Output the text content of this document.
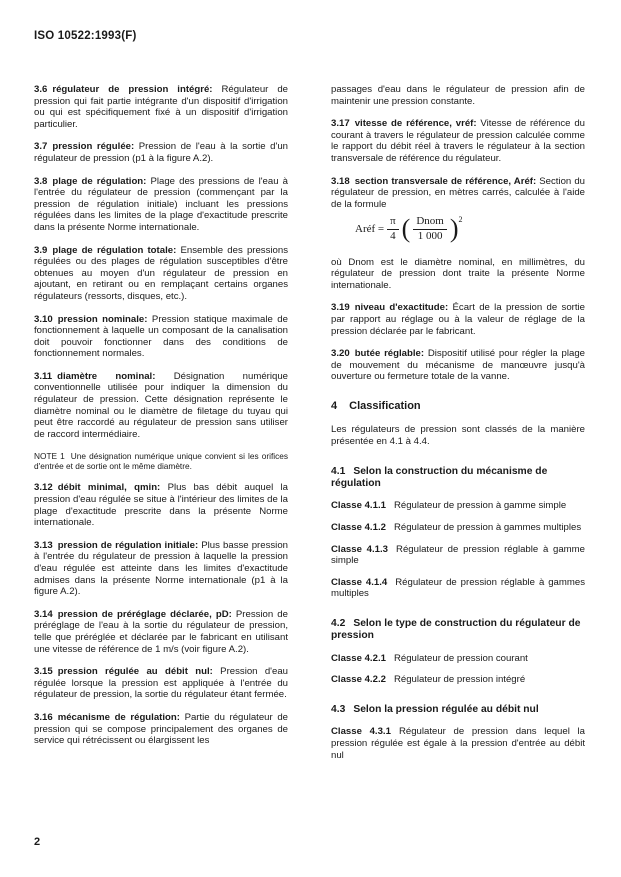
ISO 10522:1993(F)

3.6 régulateur de pression intégré: Régulateur de pression qui fait partie intégrante d'un dispositif d'irrigation ou qui est spécifiquement fixé à un dispositif d'irrigation particulier.

3.7 pression régulée: Pression de l'eau à la sortie d'un régulateur de pression (p1 à la figure A.2).

3.8 plage de régulation: Plage des pressions de l'eau à l'entrée du régulateur de pression (commençant par la pression de régulation initiale) incluant les pressions régulées dans les limites de la plage d'exactitude prescrite dans la présente Norme internationale.

3.9 plage de régulation totale: Ensemble des pressions régulées ou des plages de régulation susceptibles d'être obtenues au moyen d'un régulateur de pression en ajoutant, en retirant ou en remplaçant certains organes régulateurs (ressorts, disques, etc.).

3.10 pression nominale: Pression statique maximale de fonctionnement à laquelle un composant de la canalisation doit pouvoir fonctionner dans des conditions de fonctionnement normales.

3.11 diamètre nominal: Désignation numérique conventionnelle utilisée pour indiquer la dimension du régulateur de pression. Cette désignation représente le diamètre nominal ou le diamètre de filetage du tuyau qui peut être raccordé au régulateur de pression sans utiliser de raccord intermédiaire.

NOTE 1 Une désignation numérique unique convient si les orifices d'entrée et de sortie ont le même diamètre.

3.12 débit minimal, qmin: Plus bas débit auquel la pression d'eau régulée se situe à l'intérieur des limites de la plage d'exactitude prescrite dans la présente Norme internationale.

3.13 pression de régulation initiale: Plus basse pression à l'entrée du régulateur de pression à laquelle la pression d'eau régulée est atteinte dans les limites d'exactitude admises dans la présente Norme internationale (p1 à la figure A.2).

3.14 pression de préréglage déclarée, pD: Pression de préréglage de l'eau à la sortie du régulateur de pression, telle que préréglée et déclarée par le fabricant en utilisant une vitesse de référence de 1 m/s (voir figure A.2).

3.15 pression régulée au débit nul: Pression d'eau régulée lorsque la pression est appliquée à l'entrée du régulateur de pression, la sortie du régulateur étant fermée.

3.16 mécanisme de régulation: Partie du régulateur de pression qui se compose principalement des organes de service qui rétrécissent ou élargissent les

passages d'eau dans le régulateur de pression afin de maintenir une pression constante.

3.17 vitesse de référence, vréf: Vitesse de référence du courant à travers le régulateur de pression calculée comme le rapport du débit réel à travers le régulateur à la section transversale de référence du régulateur.

3.18 section transversale de référence, Aréf: Section du régulateur de pression, en mètres carrés, calculée à l'aide de la formule

Aréf = $\frac{\pi}{4}$ ( $\frac{\text{Dnom}}{1 000}$ ) 2

où Dnom est le diamètre nominal, en millimètres, du régulateur de pression dont traite la présente Norme internationale.

3.19 niveau d'exactitude: Écart de la pression de sortie par rapport au réglage ou à la valeur de réglage de la pression déclarée par le fabricant.

3.20 butée réglable: Dispositif utilisé pour régler la plage de mouvement du mécanisme de manœuvre jusqu'à ouverture ou fermeture totale de la vanne.

4 Classification

Les régulateurs de pression sont classés de la manière présentée en 4.1 à 4.4.

4.1 Selon la construction du mécanisme de régulation

Classe 4.1.1 Régulateur de pression à gamme simple

Classe 4.1.2 Régulateur de pression à gammes multiples

Classe 4.1.3 Régulateur de pression réglable à gamme simple

Classe 4.1.4 Régulateur de pression réglable à gammes multiples

4.2 Selon le type de construction du régulateur de pression

Classe 4.2.1 Régulateur de pression courant

Classe 4.2.2 Régulateur de pression intégré

4.3 Selon la pression régulée au débit nul

Classe 4.3.1 Régulateur de pression dans lequel la pression régulée est égale à la pression d'entrée au débit nul

2
